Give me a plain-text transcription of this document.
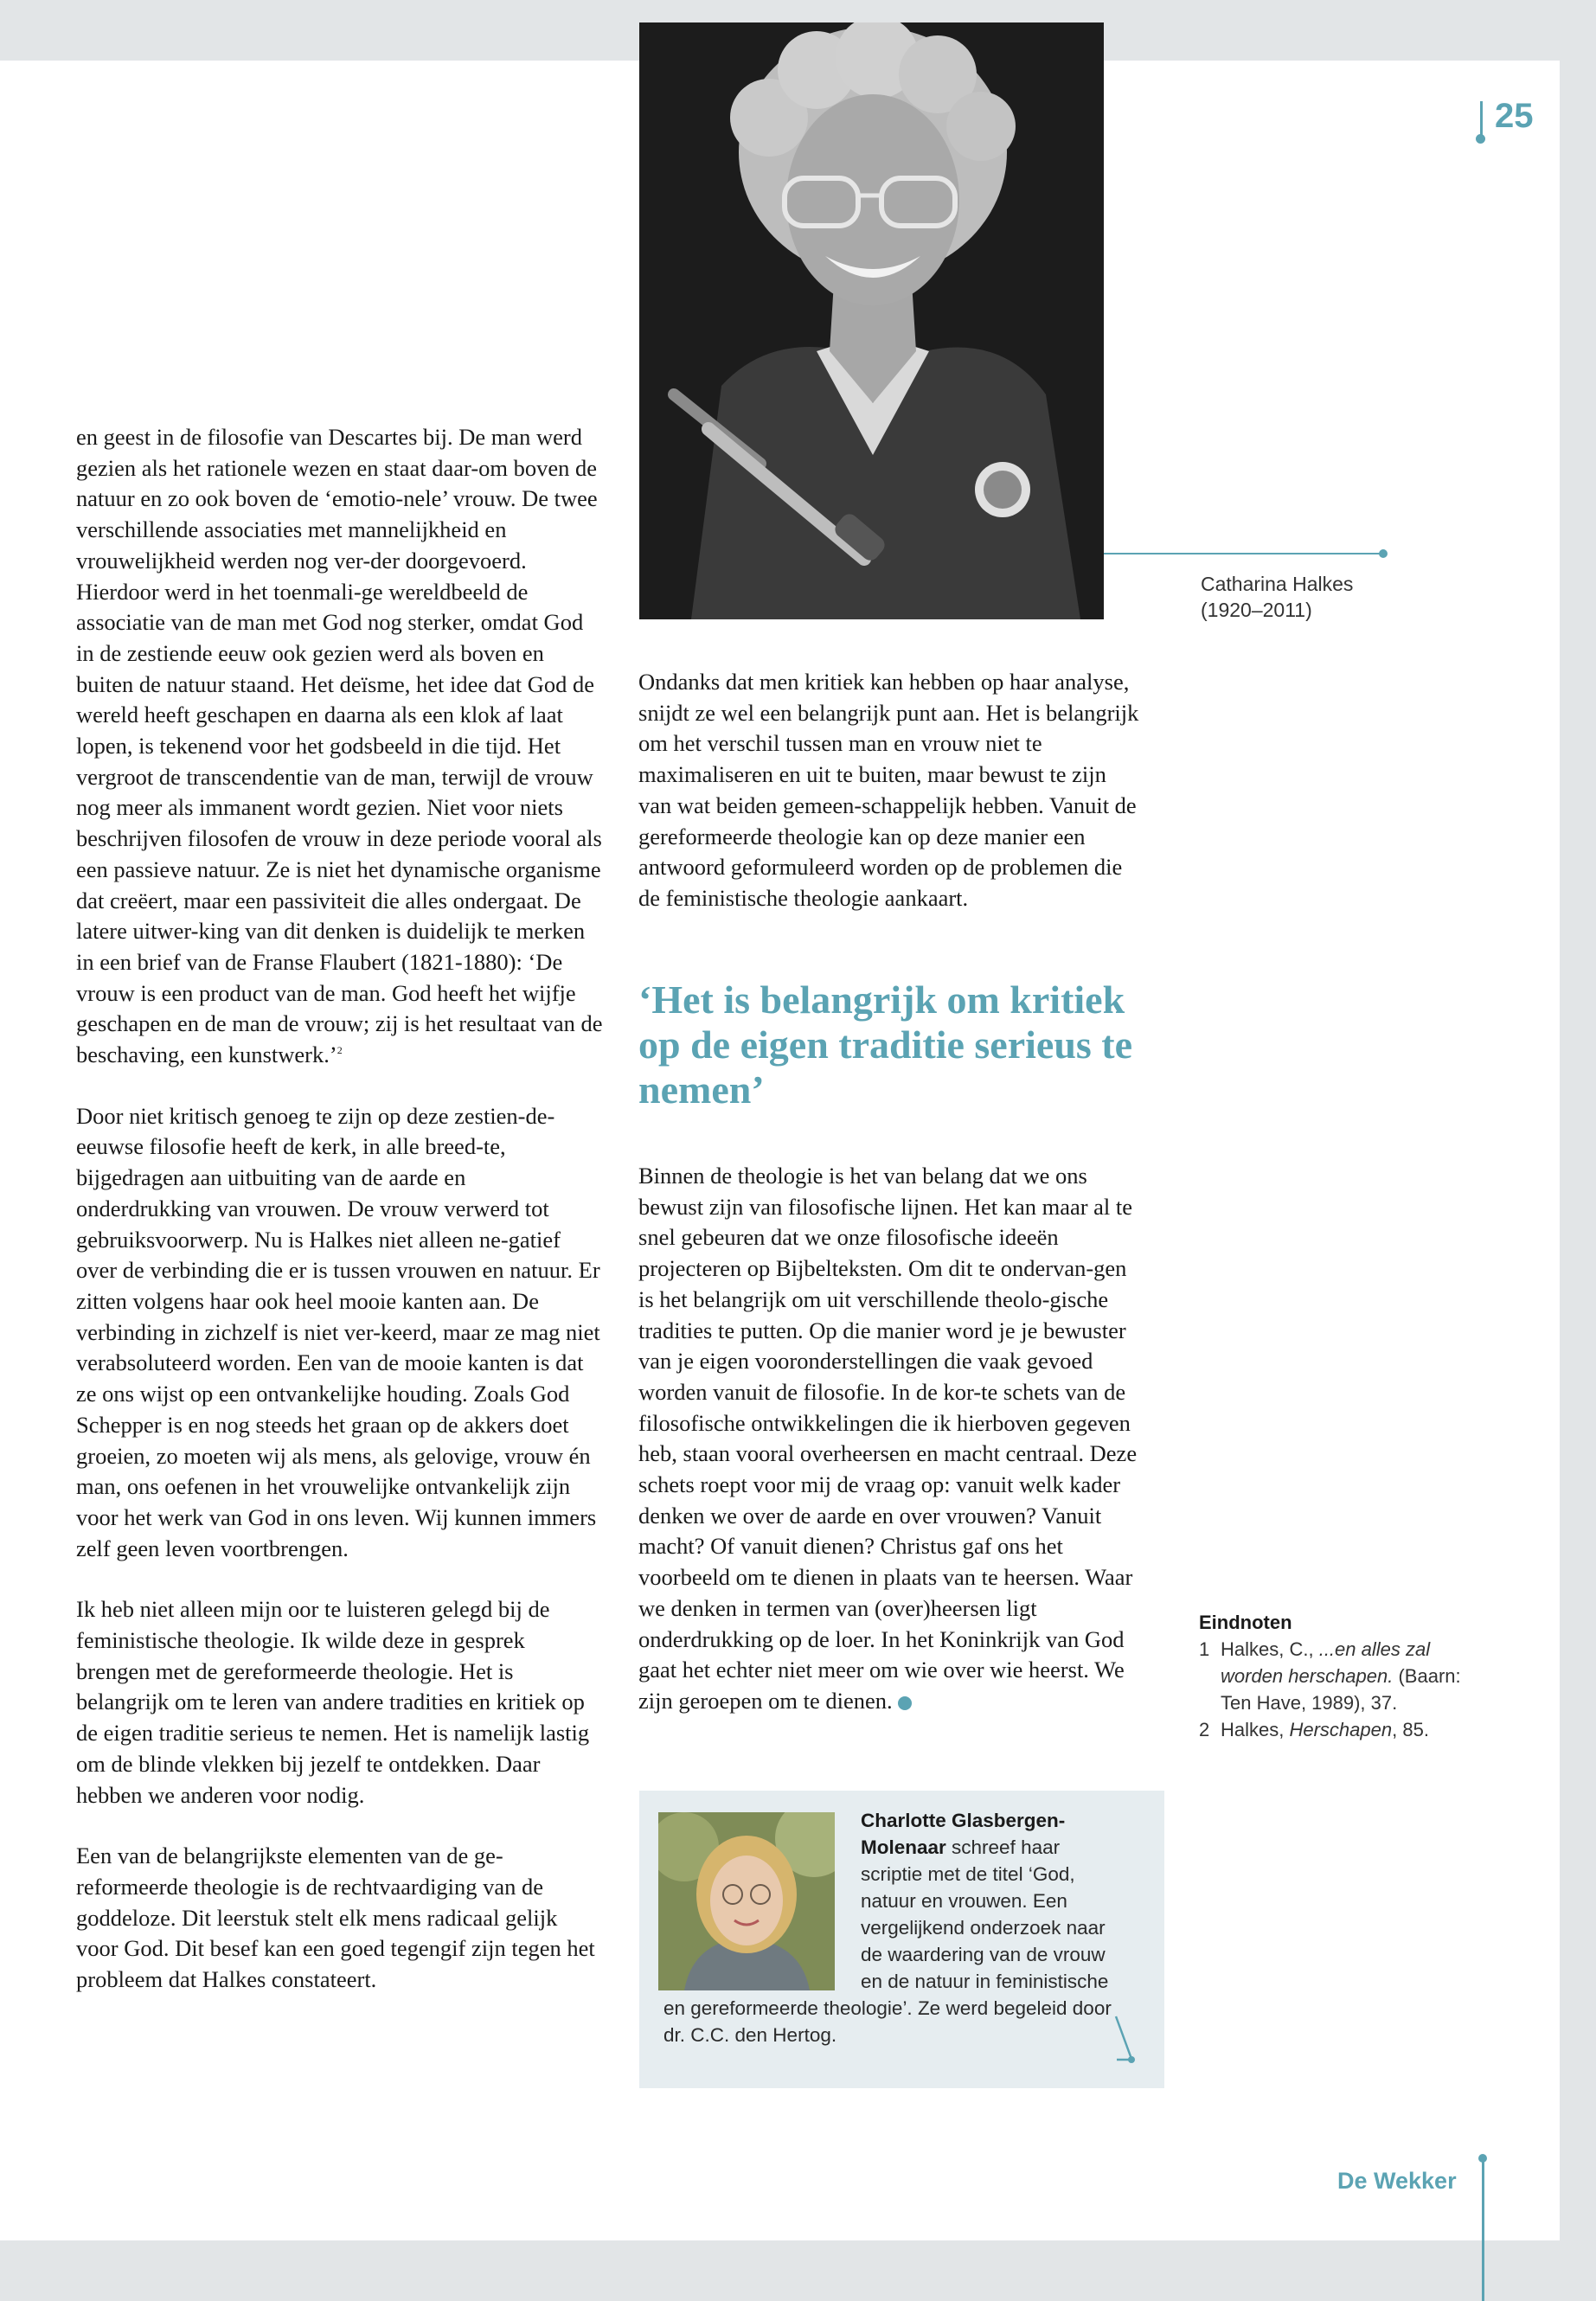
25
Catharina Halkes
(1920–2011)

en geest in de filosofie van Descartes bij. De man werd gezien als het rationele wezen en staat daar-om boven de natuur en zo ook boven de ‘emotio-nele’ vrouw. De twee verschillende associaties met mannelijkheid en vrouwelijkheid werden nog ver-der doorgevoerd. Hierdoor werd in het toenmali-ge wereldbeeld de associatie van de man met God nog sterker, omdat God in de zestiende eeuw ook gezien werd als boven en buiten de natuur staand. Het deïsme, het idee dat God de wereld heeft geschapen en daarna als een klok af laat lopen, is tekenend voor het godsbeeld in die tijd. Het vergroot de transcendentie van de man, terwijl de vrouw nog meer als immanent wordt gezien. Niet voor niets beschrijven filosofen de vrouw in deze periode vooral als een passieve natuur. Ze is niet het dynamische organisme dat creëert, maar een passiviteit die alles ondergaat. De latere uitwer-king van dit denken is duidelijk te merken in een brief van de Franse Flaubert (1821-1880): ‘De vrouw is een product van de man. God heeft het wijfje geschapen en de man de vrouw; zij is het resultaat van de beschaving, een kunstwerk.’$^2$

Door niet kritisch genoeg te zijn op deze zestien-de-eeuwse filosofie heeft de kerk, in alle breed-te, bijgedragen aan uitbuiting van de aarde en onderdrukking van vrouwen. De vrouw verwerd tot gebruiksvoorwerp. Nu is Halkes niet alleen ne-gatief over de verbinding die er is tussen vrouwen en natuur. Er zitten volgens haar ook heel mooie kanten aan. De verbinding in zichzelf is niet ver-keerd, maar ze mag niet verabsoluteerd worden. Een van de mooie kanten is dat ze ons wijst op een ontvankelijke houding. Zoals God Schepper is en nog steeds het graan op de akkers doet groeien, zo moeten wij als mens, als gelovige, vrouw én man, ons oefenen in het vrouwelijke ontvankelijk zijn voor het werk van God in ons leven. Wij kunnen immers zelf geen leven voortbrengen.

Ik heb niet alleen mijn oor te luisteren gelegd bij de feministische theologie. Ik wilde deze in gesprek brengen met de gereformeerde theologie. Het is belangrijk om te leren van andere tradities en kritiek op de eigen traditie serieus te nemen. Het is namelijk lastig om de blinde vlekken bij jezelf te ontdekken. Daar hebben we anderen voor nodig.

Een van de belangrijkste elementen van de ge-reformeerde theologie is de rechtvaardiging van de goddeloze. Dit leerstuk stelt elk mens radicaal gelijk voor God. Dit besef kan een goed tegengif zijn tegen het probleem dat Halkes constateert.

Ondanks dat men kritiek kan hebben op haar analyse, snijdt ze wel een belangrijk punt aan. Het is belangrijk om het verschil tussen man en vrouw niet te maximaliseren en uit te buiten, maar bewust te zijn van wat beiden gemeen-schappelijk hebben. Vanuit de gereformeerde theologie kan op deze manier een antwoord geformuleerd worden op de problemen die de feministische theologie aankaart.

‘Het is belangrijk om kritiek op de eigen traditie serieus te nemen’

Binnen de theologie is het van belang dat we ons bewust zijn van filosofische lijnen. Het kan maar al te snel gebeuren dat we onze filosofische ideeën projecteren op Bijbelteksten. Om dit te ondervan-gen is het belangrijk om uit verschillende theolo-gische tradities te putten. Op die manier word je je bewuster van je eigen vooronderstellingen die vaak gevoed worden vanuit de filosofie. In de kor-te schets van de filosofische ontwikkelingen die ik hierboven gegeven heb, staan vooral overheersen en macht centraal. Deze schets roept voor mij de vraag op: vanuit welk kader denken we over de aarde en over vrouwen? Vanuit macht? Of vanuit dienen? Christus gaf ons het voorbeeld om te dienen in plaats van te heersen. Waar we denken in termen van (over)heersen ligt onderdrukking op de loer. In het Koninkrijk van God gaat het echter niet meer om wie over wie heerst. We zijn geroepen om te dienen.

Eindnoten
1 Halkes, C., ...en alles zal worden herschapen. (Baarn: Ten Have, 1989), 37.
2 Halkes, Herschapen, 85.
Charlotte Glasbergen-Molenaar schreef haar scriptie met de titel ‘God, natuur en vrouwen. Een vergelijkend onderzoek naar de waardering van de vrouw en de natuur in feministische en gereformeerde theologie’. Ze werd begeleid door dr. C.C. den Hertog.
De Wekker
